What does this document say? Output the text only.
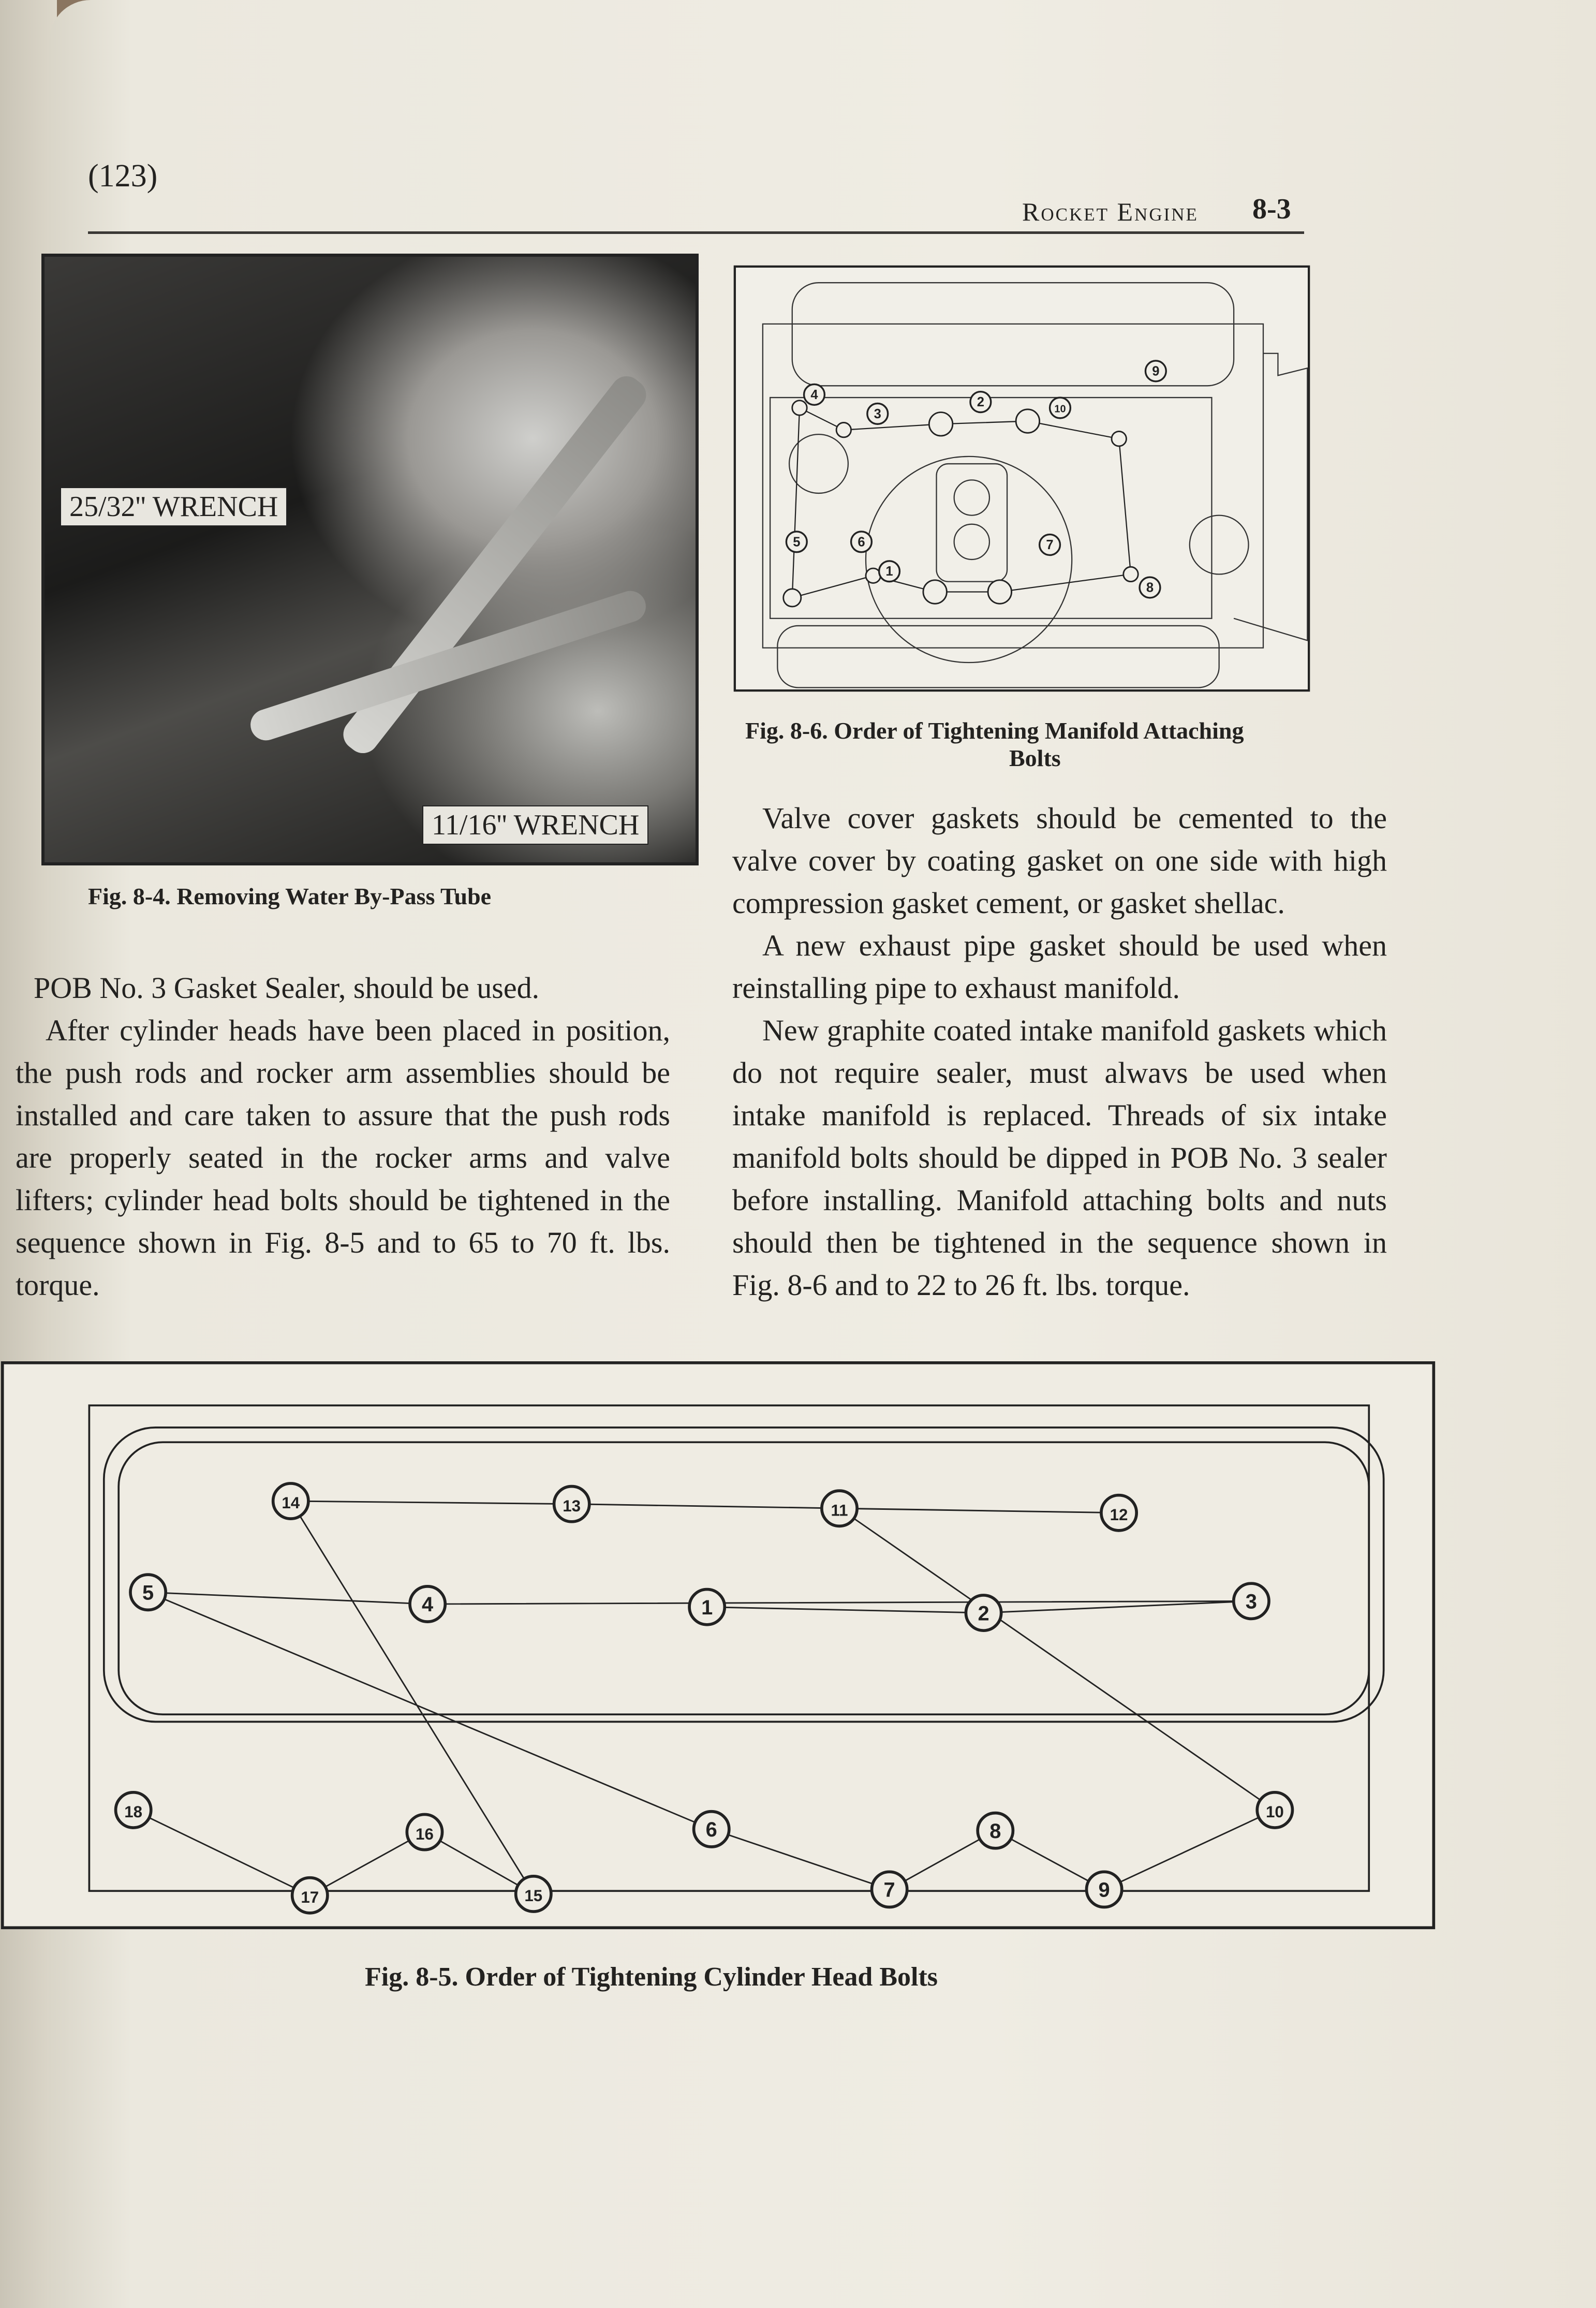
(123)
Rocket Engine 8-3
25/32'' WRENCH
11/16'' WRENCH
Fig. 8-4. Removing Water By-Pass Tube

POB No. 3 Gasket Sealer, should be used.

After cylinder heads have been placed in position, the push rods and rocker arm assemblies should be installed and care taken to assure that the push rods are properly seated in the rocker arms and valve lifters; cylinder head bolts should be tightened in the sequence shown in Fig. 8-5 and to 65 to 70 ft. lbs. torque.

1
2
3
4
5	6	7
8
9
10
Fig. 8-6. Order of Tightening Manifold Attaching
Bolts

Valve cover gaskets should be cemented to the valve cover by coating gasket on one side with high compression gasket cement, or gasket shellac.

A new exhaust pipe gasket should be used when reinstalling pipe to exhaust manifold.

New graphite coated intake manifold gaskets which do not require sealer, must alwavs be used when intake manifold is replaced. Threads of six intake manifold bolts should be dipped in POB No. 3 sealer before installing. Manifold attaching bolts and nuts should then be tightened in the sequence shown in Fig. 8-6 and to 22 to 26 ft. lbs. torque.

1	2
3
4
5
6
7
8
9
10
11	12
13
14
15
16
17
18
Fig. 8-5. Order of Tightening Cylinder Head Bolts
